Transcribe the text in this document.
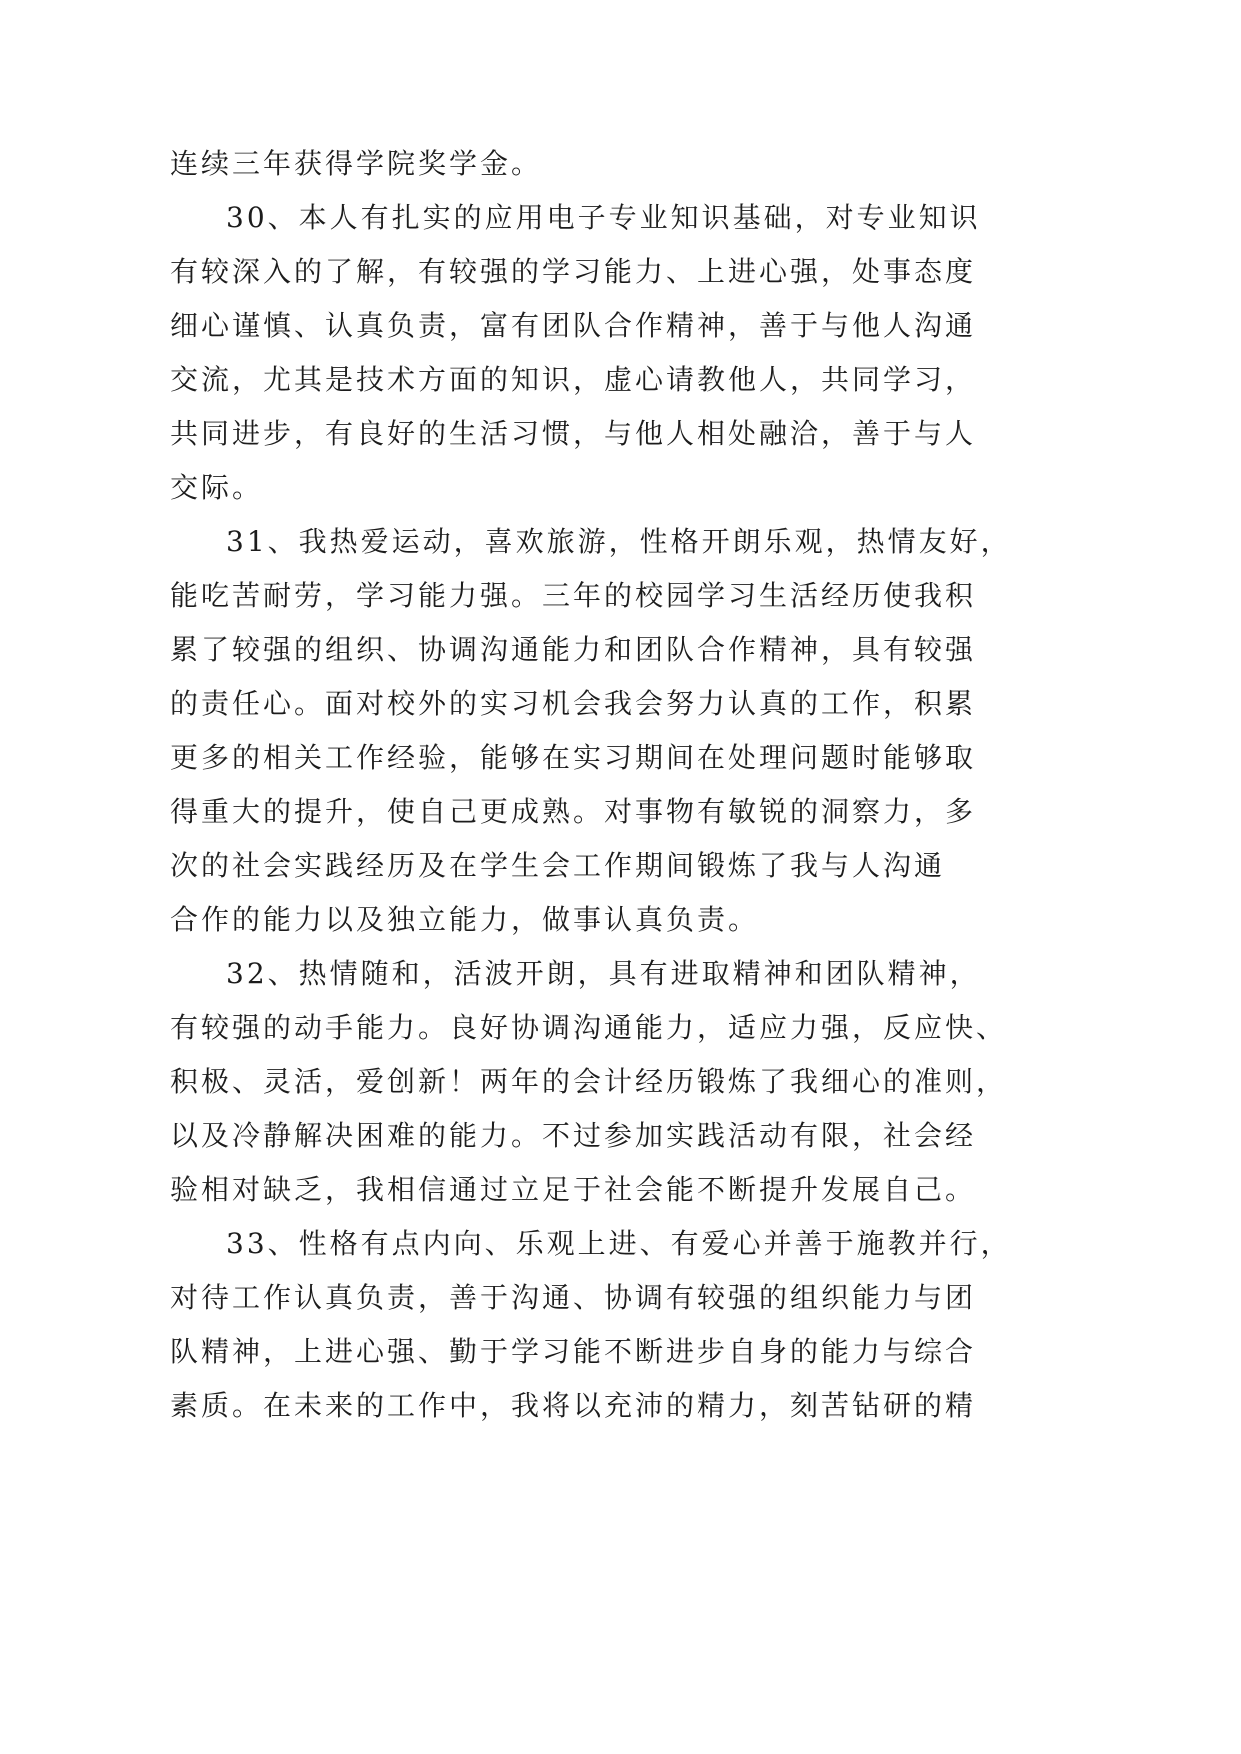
连续三年获得学院奖学金。
30、本人有扎实的应用电子专业知识基础，对专业知识
有较深入的了解，有较强的学习能力、上进心强，处事态度
细心谨慎、认真负责，富有团队合作精神，善于与他人沟通
交流，尤其是技术方面的知识，虚心请教他人，共同学习，
共同进步，有良好的生活习惯，与他人相处融洽，善于与人
交际。
31、我热爱运动，喜欢旅游，性格开朗乐观，热情友好，
能吃苦耐劳，学习能力强。三年的校园学习生活经历使我积
累了较强的组织、协调沟通能力和团队合作精神，具有较强
的责任心。面对校外的实习机会我会努力认真的工作，积累
更多的相关工作经验，能够在实习期间在处理问题时能够取
得重大的提升，使自己更成熟。对事物有敏锐的洞察力，多
次的社会实践经历及在学生会工作期间锻炼了我与人沟通
合作的能力以及独立能力，做事认真负责。
32、热情随和，活波开朗，具有进取精神和团队精神，
有较强的动手能力。良好协调沟通能力，适应力强，反应快、
积极、灵活，爱创新！两年的会计经历锻炼了我细心的准则，
以及冷静解决困难的能力。不过参加实践活动有限，社会经
验相对缺乏，我相信通过立足于社会能不断提升发展自己。
33、性格有点内向、乐观上进、有爱心并善于施教并行，
对待工作认真负责，善于沟通、协调有较强的组织能力与团
队精神，上进心强、勤于学习能不断进步自身的能力与综合
素质。在未来的工作中，我将以充沛的精力，刻苦钻研的精
